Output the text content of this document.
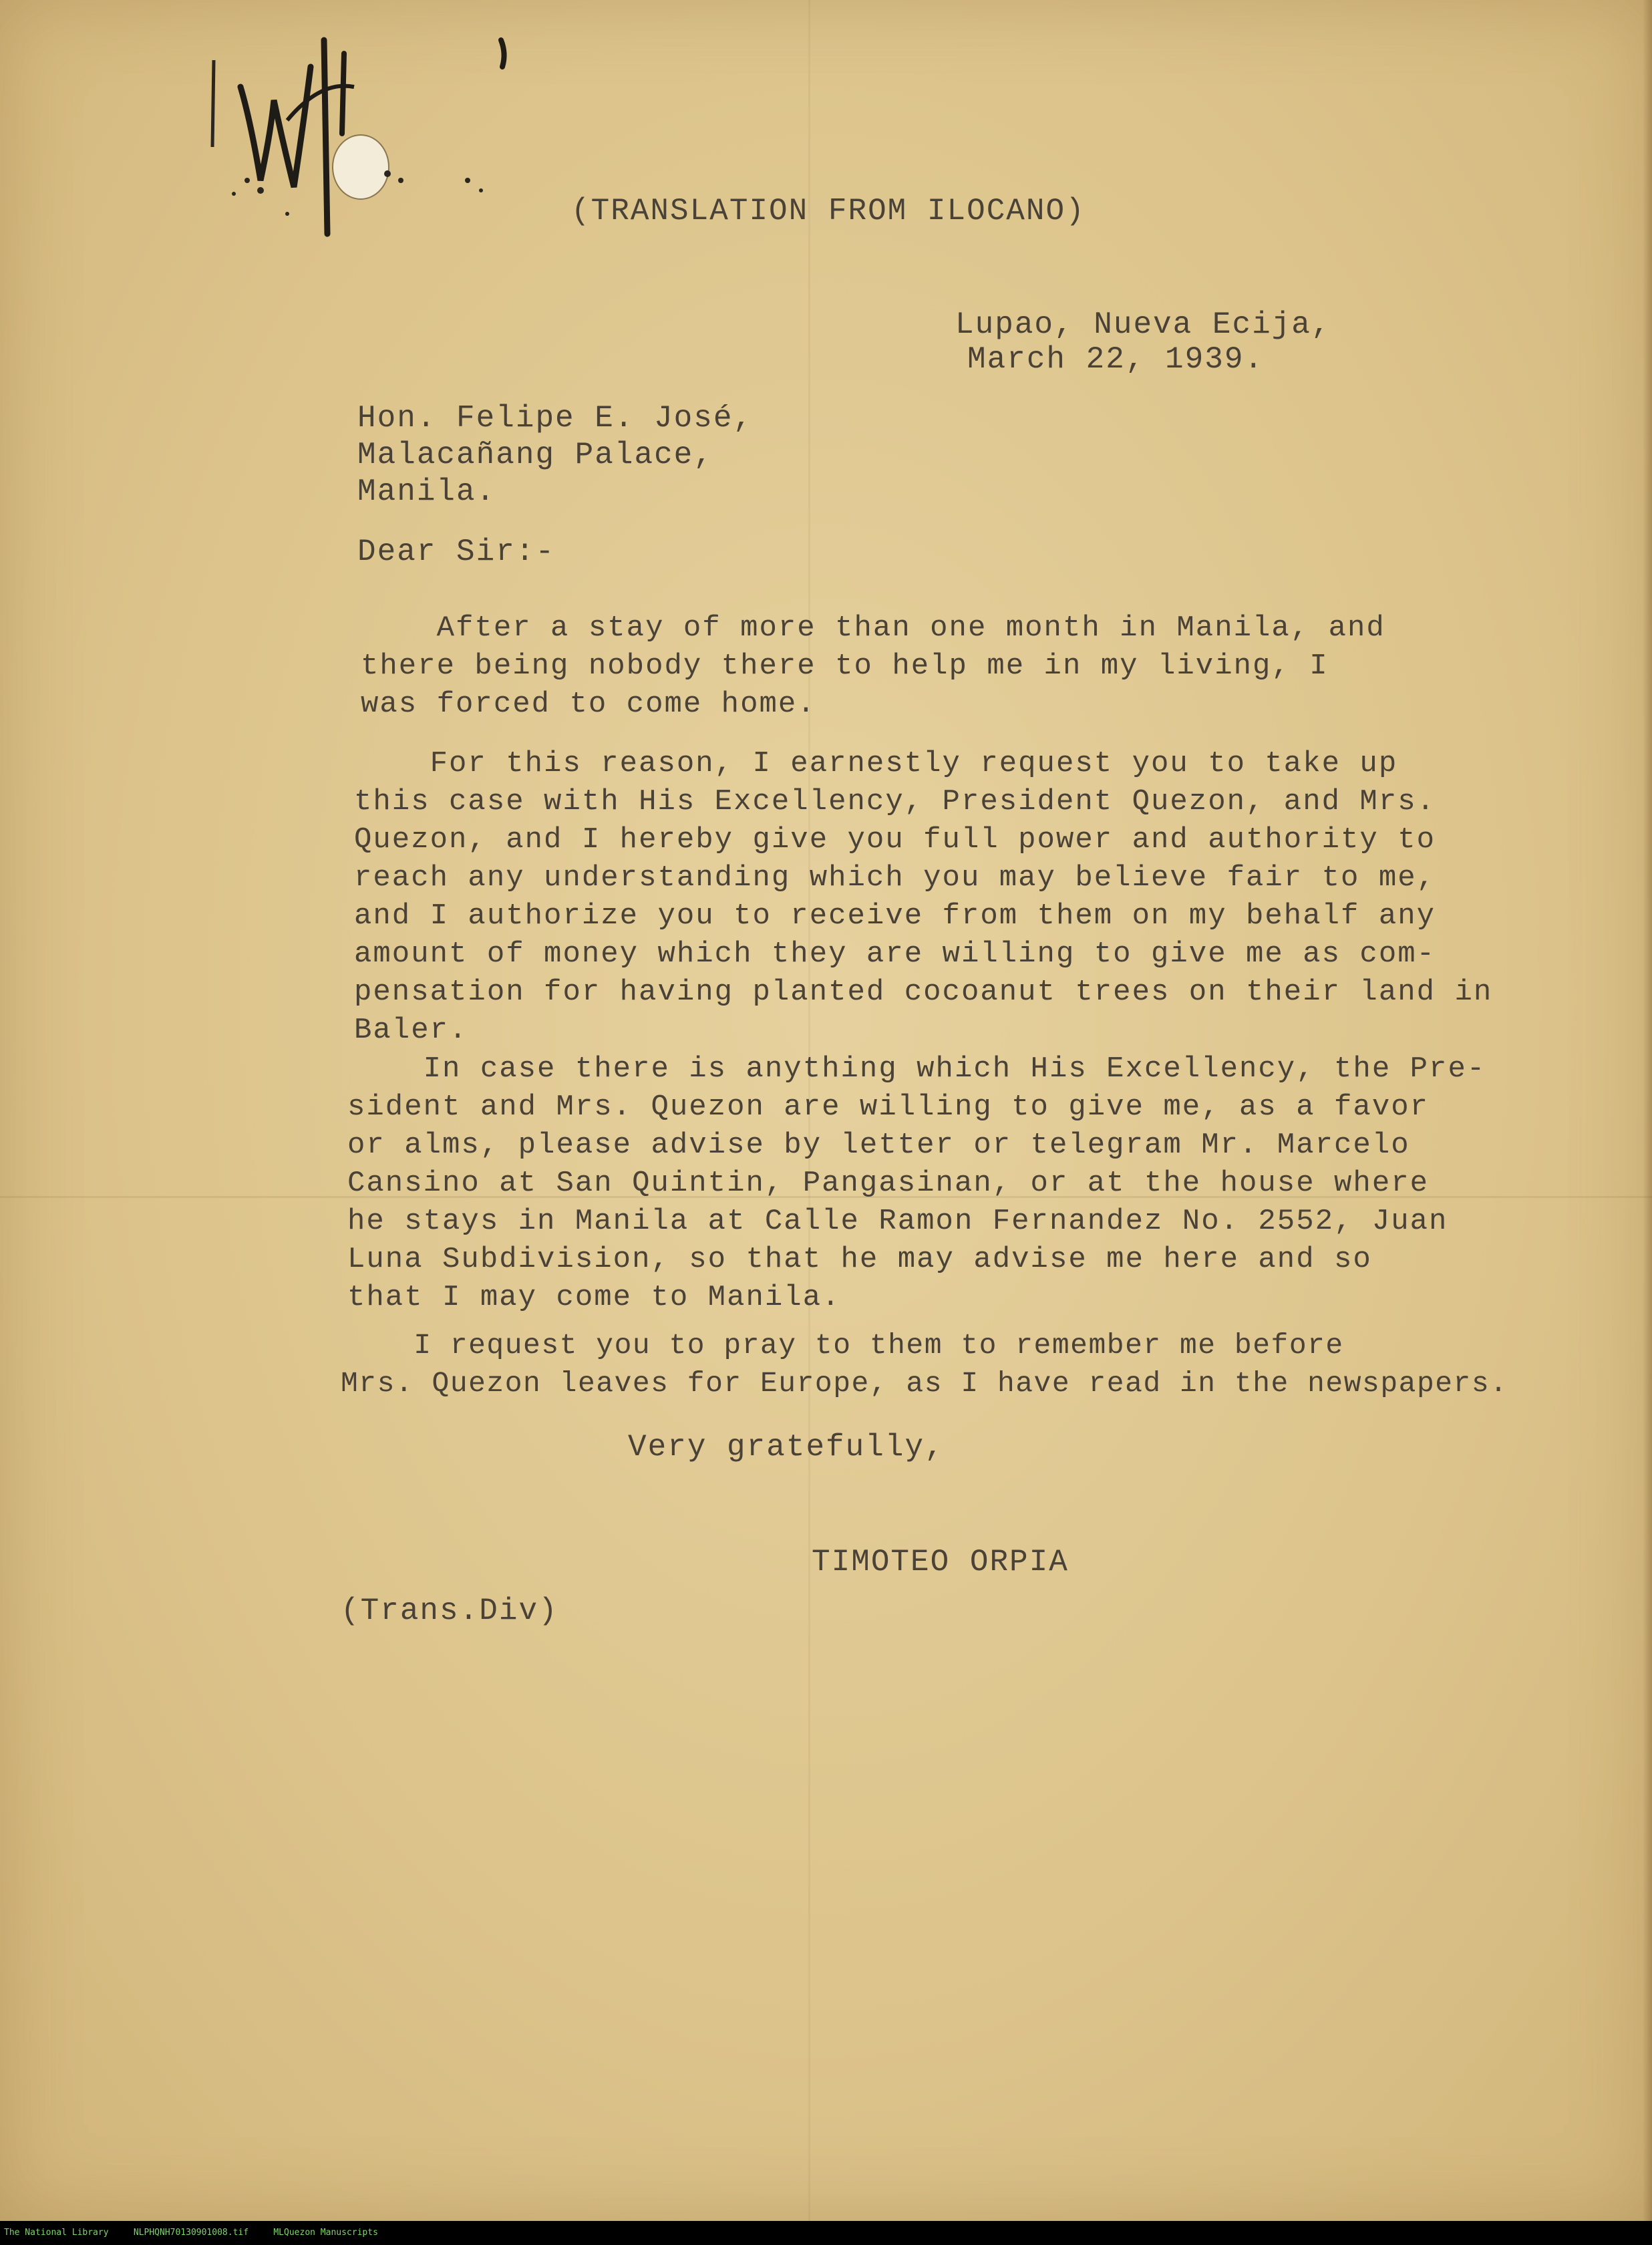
(TRANSLATION FROM ILOCANO)

Lupao, Nueva Ecija,

March 22, 1939.

Hon. Felipe E. José,

Malacañang Palace,

Manila.

Dear Sir:-

After a stay of more than one month in Manila, and
there being nobody there to help me in my living, I
was forced to come home.
For this reason, I earnestly request you to take up
this case with His Excellency, President Quezon, and Mrs.
Quezon, and I hereby give you full power and authority to
reach any understanding which you may believe fair to me,
and I authorize you to receive from them on my behalf any
amount of money which they are willing to give me as com-
pensation for having planted cocoanut trees on their land in
Baler.
In case there is anything which His Excellency, the Pre-
sident and Mrs. Quezon are willing to give me, as a favor
or alms, please advise by letter or telegram Mr. Marcelo
Cansino at San Quintin, Pangasinan, or at the house where
he stays in Manila at Calle Ramon Fernandez No. 2552, Juan
Luna Subdivision, so that he may advise me here and so
that I may come to Manila.
I request you to pray to them to remember me before
Mrs. Quezon leaves for Europe, as I have read in the newspapers.

Very gratefully,

TIMOTEO ORPIA

(Trans.Div)

The National Library	NLPHQNH70130901008.tif	MLQuezon Manuscripts
